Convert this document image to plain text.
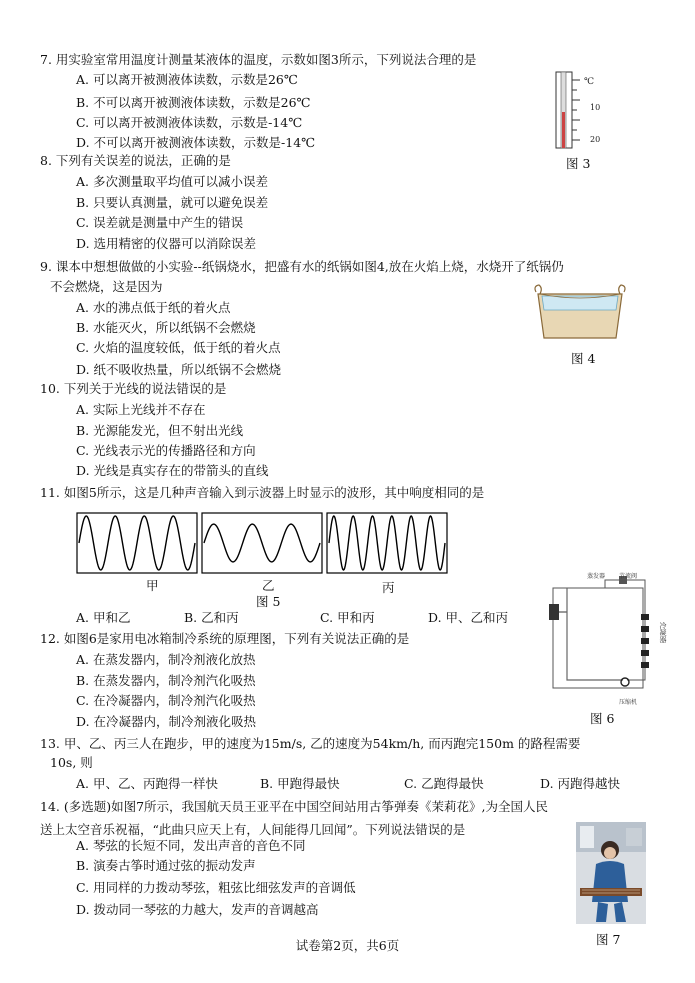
7. 用实验室常用温度计测量某液体的温度，示数如图3所示，下列说法合理的是
A. 可以离开被测液体读数，示数是26℃
B. 不可以离开被测液体读数，示数是26℃
C. 可以离开被测液体读数，示数是-14℃
D. 不可以离开被测液体读数，示数是-14℃
℃
10
20
图 3
8. 下列有关误差的说法，正确的是
A. 多次测量取平均值可以减小误差
B. 只要认真测量，就可以避免误差
C. 误差就是测量中产生的错误
D. 选用精密的仪器可以消除误差
9. 课本中想想做做的小实验--纸锅烧水，把盛有水的纸锅如图4,放在火焰上烧，水烧开了纸锅仍
不会燃烧，这是因为
A. 水的沸点低于纸的着火点
B. 水能灭火，所以纸锅不会燃烧
C. 火焰的温度较低，低于纸的着火点
D. 纸不吸收热量，所以纸锅不会燃烧
图 4
10. 下列关于光线的说法错误的是
A. 实际上光线并不存在
B. 光源能发光，但不射出光线
C. 光线表示光的传播路径和方向
D. 光线是真实存在的带箭头的直线
11. 如图5所示，这是几种声音输入到示波器上时显示的波形，其中响度相同的是
甲	乙	丙
图 5
A. 甲和乙	B. 乙和丙	C. 甲和丙	D. 甲、乙和丙
蒸发器 节流阀
冷凝器
压缩机
图 6
12. 如图6是家用电冰箱制冷系统的原理图，下列有关说法正确的是
A. 在蒸发器内，制冷剂液化放热
B. 在蒸发器内，制冷剂汽化吸热
C. 在冷凝器内，制冷剂汽化吸热
D. 在冷凝器内，制冷剂液化吸热
13. 甲、乙、丙三人在跑步，甲的速度为15m/s, 乙的速度为54km/h, 而丙跑完150m 的路程需要
10s, 则
A. 甲、乙、丙跑得一样快	B. 甲跑得最快	C. 乙跑得最快	D. 丙跑得越快
14. (多选题)如图7所示，我国航天员王亚平在中国空间站用古筝弹奏《茉莉花》,为全国人民
送上太空音乐祝福，“此曲只应天上有，人间能得几回闻”。下列说法错误的是
A. 琴弦的长短不同，发出声音的音色不同
B. 演奏古筝时通过弦的振动发声
C. 用同样的力拨动琴弦，粗弦比细弦发声的音调低
D. 拨动同一琴弦的力越大，发声的音调越高
图 7
试卷第2页，共6页
